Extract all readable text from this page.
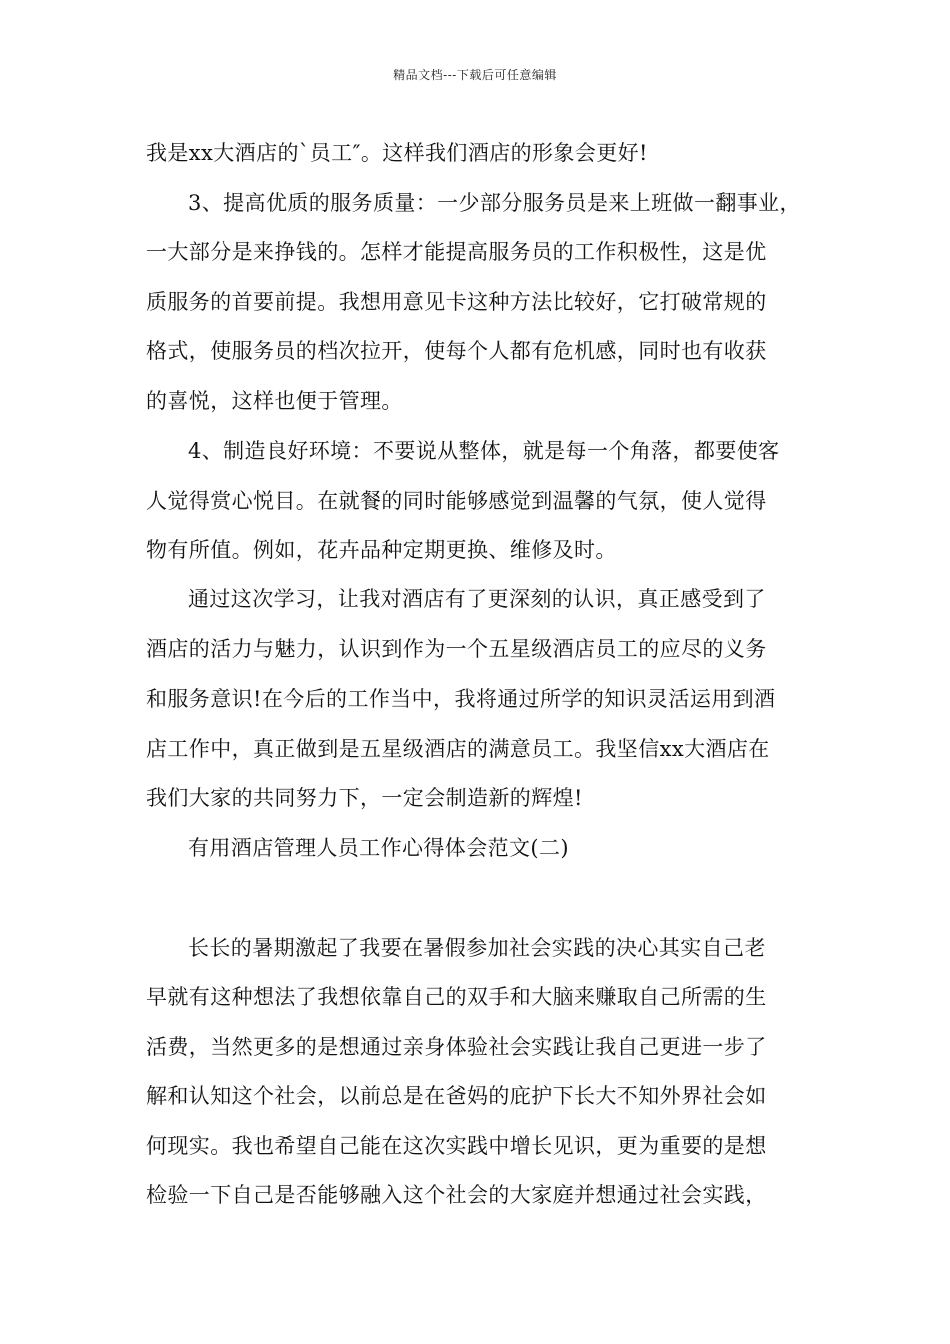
精品文档---下载后可任意编辑
我是xx大酒店的`员工″。这样我们酒店的形象会更好!
3、提高优质的服务质量：一少部分服务员是来上班做一翻事业，
一大部分是来挣钱的。怎样才能提高服务员的工作积极性，这是优
质服务的首要前提。我想用意见卡这种方法比较好，它打破常规的
格式，使服务员的档次拉开，使每个人都有危机感，同时也有收获
的喜悦，这样也便于管理。
4、制造良好环境：不要说从整体，就是每一个角落，都要使客
人觉得赏心悦目。在就餐的同时能够感觉到温馨的气氛，使人觉得
物有所值。例如，花卉品种定期更换、维修及时。
通过这次学习，让我对酒店有了更深刻的认识，真正感受到了
酒店的活力与魅力，认识到作为一个五星级酒店员工的应尽的义务
和服务意识!在今后的工作当中，我将通过所学的知识灵活运用到酒
店工作中，真正做到是五星级酒店的满意员工。我坚信xx大酒店在
我们大家的共同努力下，一定会制造新的辉煌!
有用酒店管理人员工作心得体会范文(二)
长长的暑期激起了我要在暑假参加社会实践的决心其实自己老
早就有这种想法了我想依靠自己的双手和大脑来赚取自己所需的生
活费，当然更多的是想通过亲身体验社会实践让我自己更进一步了
解和认知这个社会，以前总是在爸妈的庇护下长大不知外界社会如
何现实。我也希望自己能在这次实践中增长见识，更为重要的是想
检验一下自己是否能够融入这个社会的大家庭并想通过社会实践，
